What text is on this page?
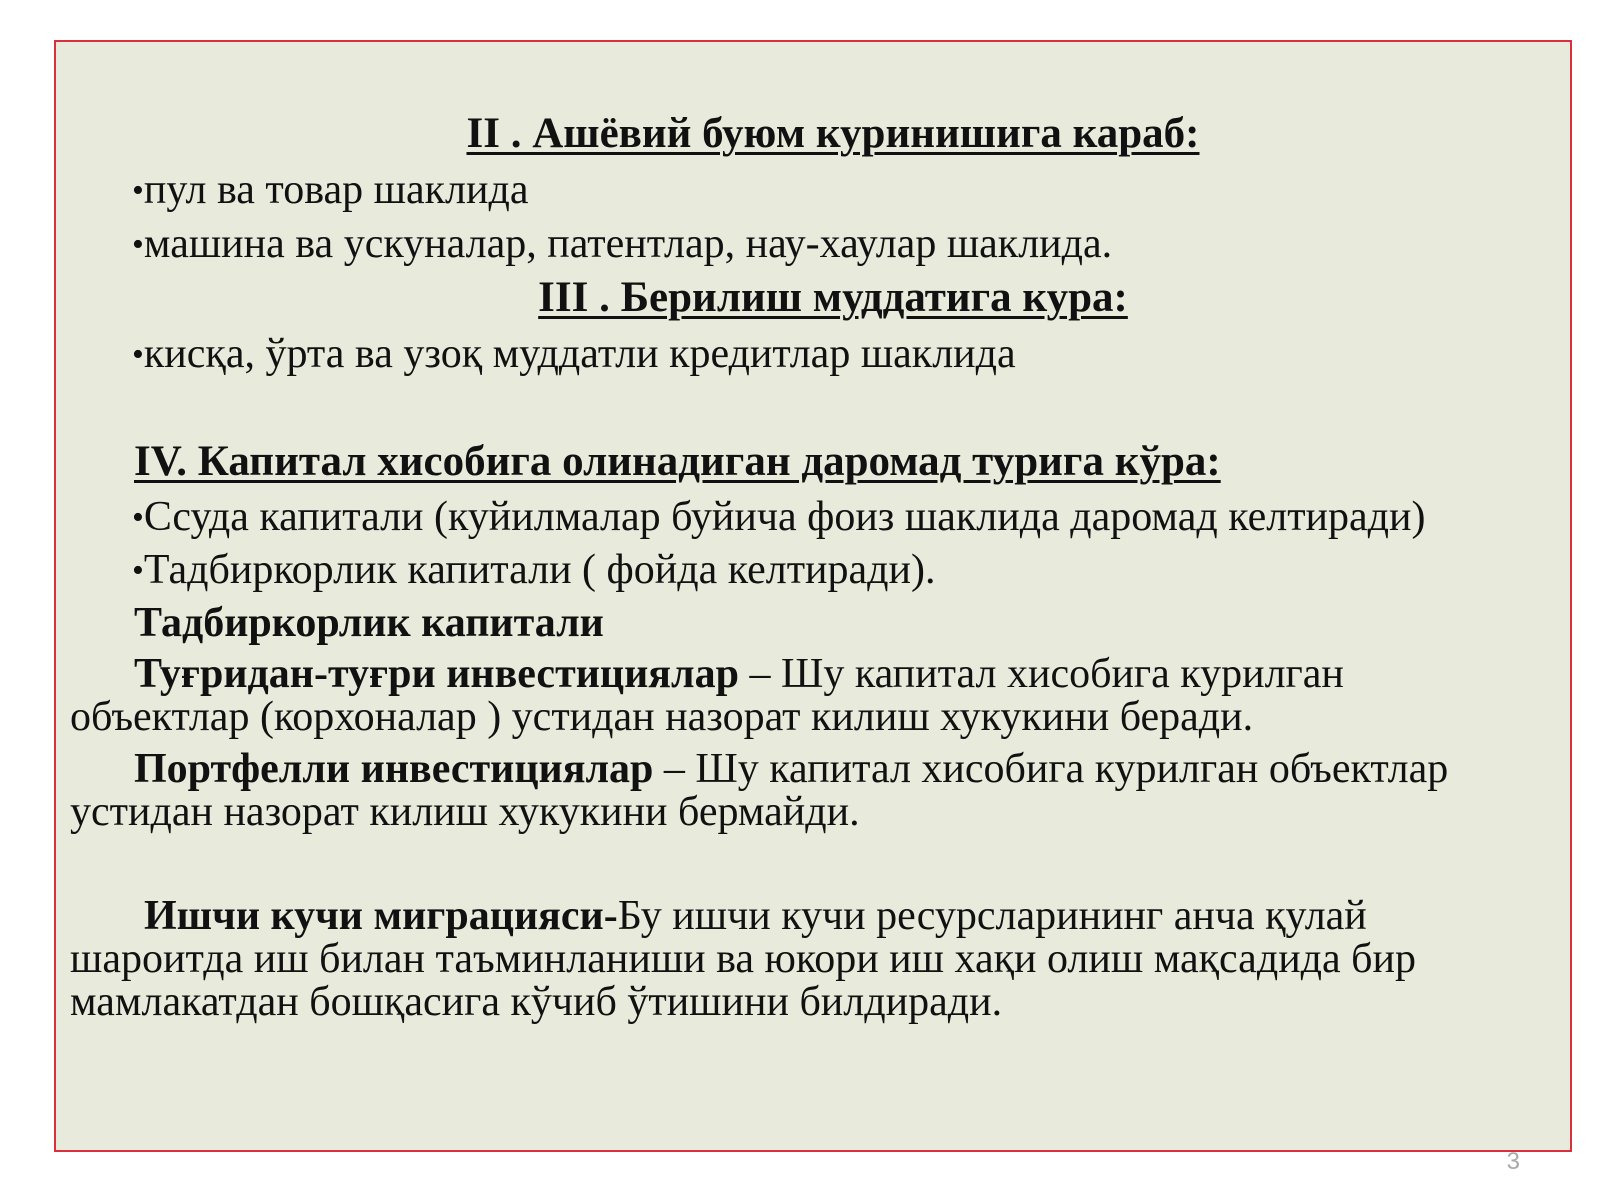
II . Ашёвий буюм куринишига караб:
•пул ва товар шаклида
•машина ва ускуналар, патентлар, нау-хаулар шаклида.
III . Берилиш муддатига кура:
•кисқа, ўрта ва узоқ муддатли кредитлар шаклида
IV. Капитал хисобига олинадиган даромад турига кўра:
•Ссуда капитали (куйилмалар буйича фоиз шаклида даромад келтиради)
•Тадбиркорлик капитали ( фойда келтиради).
Тадбиркорлик капитали
Туғридан-туғри инвестициялар – Шу капитал хисобига курилган
объектлар (корхоналар ) устидан назорат килиш хукукини беради.
Портфелли инвестициялар – Шу капитал хисобига курилган объектлар
устидан назорат килиш хукукини бермайди.
Ишчи кучи миграцияси-Бу ишчи кучи ресурсларининг анча қулай
шароитда иш билан таъминланиши ва юкори иш хақи олиш мақсадида бир
мамлакатдан бошқасига кўчиб ўтишини билдиради.
3
